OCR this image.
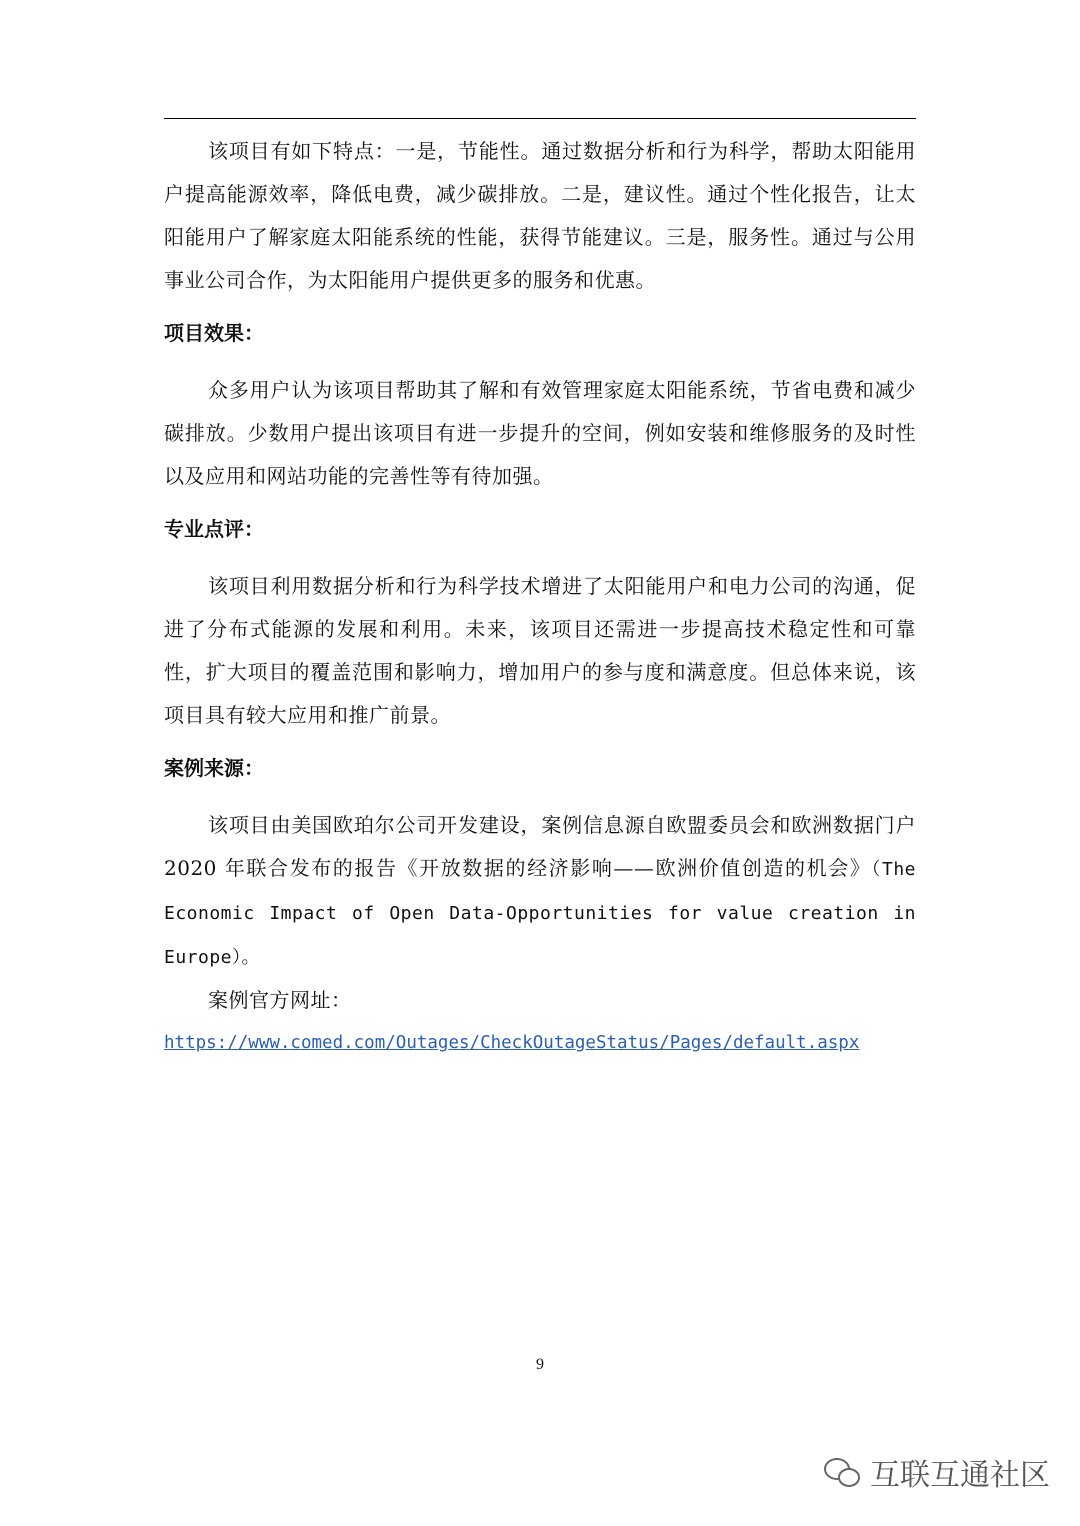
该项目有如下特点：一是，节能性。通过数据分析和行为科学，帮助太阳能用户提高能源效率，降低电费，减少碳排放。二是，建议性。通过个性化报告，让太阳能用户了解家庭太阳能系统的性能，获得节能建议。三是，服务性。通过与公用事业公司合作，为太阳能用户提供更多的服务和优惠。

项目效果：

众多用户认为该项目帮助其了解和有效管理家庭太阳能系统，节省电费和减少碳排放。少数用户提出该项目有进一步提升的空间，例如安装和维修服务的及时性以及应用和网站功能的完善性等有待加强。

专业点评：

该项目利用数据分析和行为科学技术增进了太阳能用户和电力公司的沟通，促进了分布式能源的发展和利用。未来，该项目还需进一步提高技术稳定性和可靠性，扩大项目的覆盖范围和影响力，增加用户的参与度和满意度。但总体来说，该项目具有较大应用和推广前景。

案例来源：

该项目由美国欧珀尔公司开发建设，案例信息源自欧盟委员会和欧洲数据门户 2020 年联合发布的报告《开放数据的经济影响——欧洲价值创造的机会》（The Economic Impact of Open Data-Opportunities for value creation in Europe）。

案例官方网址：

https://www.comed.com/Outages/CheckOutageStatus/Pages/default.aspx
9
互联互通社区
